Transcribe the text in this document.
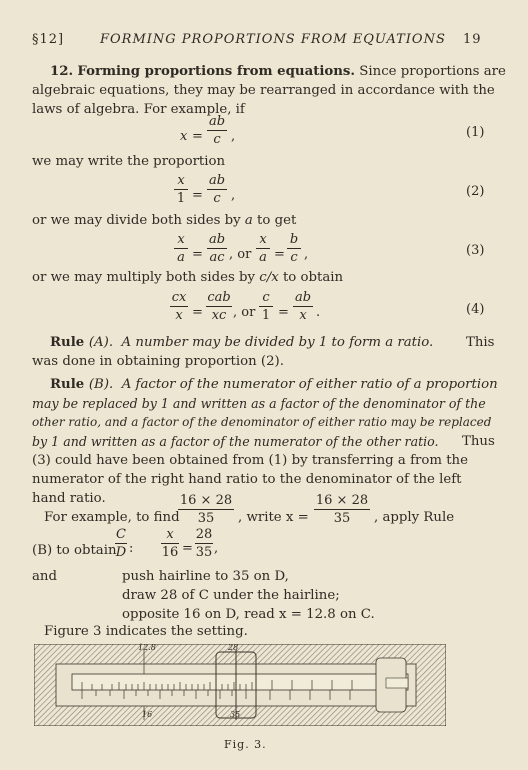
§12]	FORMING PROPORTIONS FROM EQUATIONS 19
12. Forming proportions from equations. Since proportions are
algebraic equations, they may be rearranged in accordance with the
laws of algebra. For example, if
x =
ab
c ,	(1)
we may write the proportion
x
1 =
ab
c ,	(2)
or we may divide both sides by a to get
x
a =
ab
ac , or
x
a =
b
c ,	(3)
or we may multiply both sides by c/x to obtain
cx
x =
cab
xc , or
c
1 =
ab
x .	(4)
Rule (A). A number may be divided by 1 to form a ratio. This
was done in obtaining proportion (2).
Rule (B). A factor of the numerator of either ratio of a proportion
may be replaced by 1 and written as a factor of the denominator of the
other ratio, and a factor of the denominator of either ratio may be replaced
by 1 and written as a factor of the numerator of the other ratio. Thus
(3) could have been obtained from (1) by transferring a from the
numerator of the right hand ratio to the denominator of the left
hand ratio.
For example, to find
16 × 28
35 , write x =
16 × 28
35 , apply Rule
(B) to obtain
C
D :
x
16 =
28
35 ,
and	push hairline to 35 on D,
draw 28 of C under the hairline;
opposite 16 on D, read x = 12.8 on C.
Figure 3 indicates the setting.
12.8	28
16	35
Fig. 3.
